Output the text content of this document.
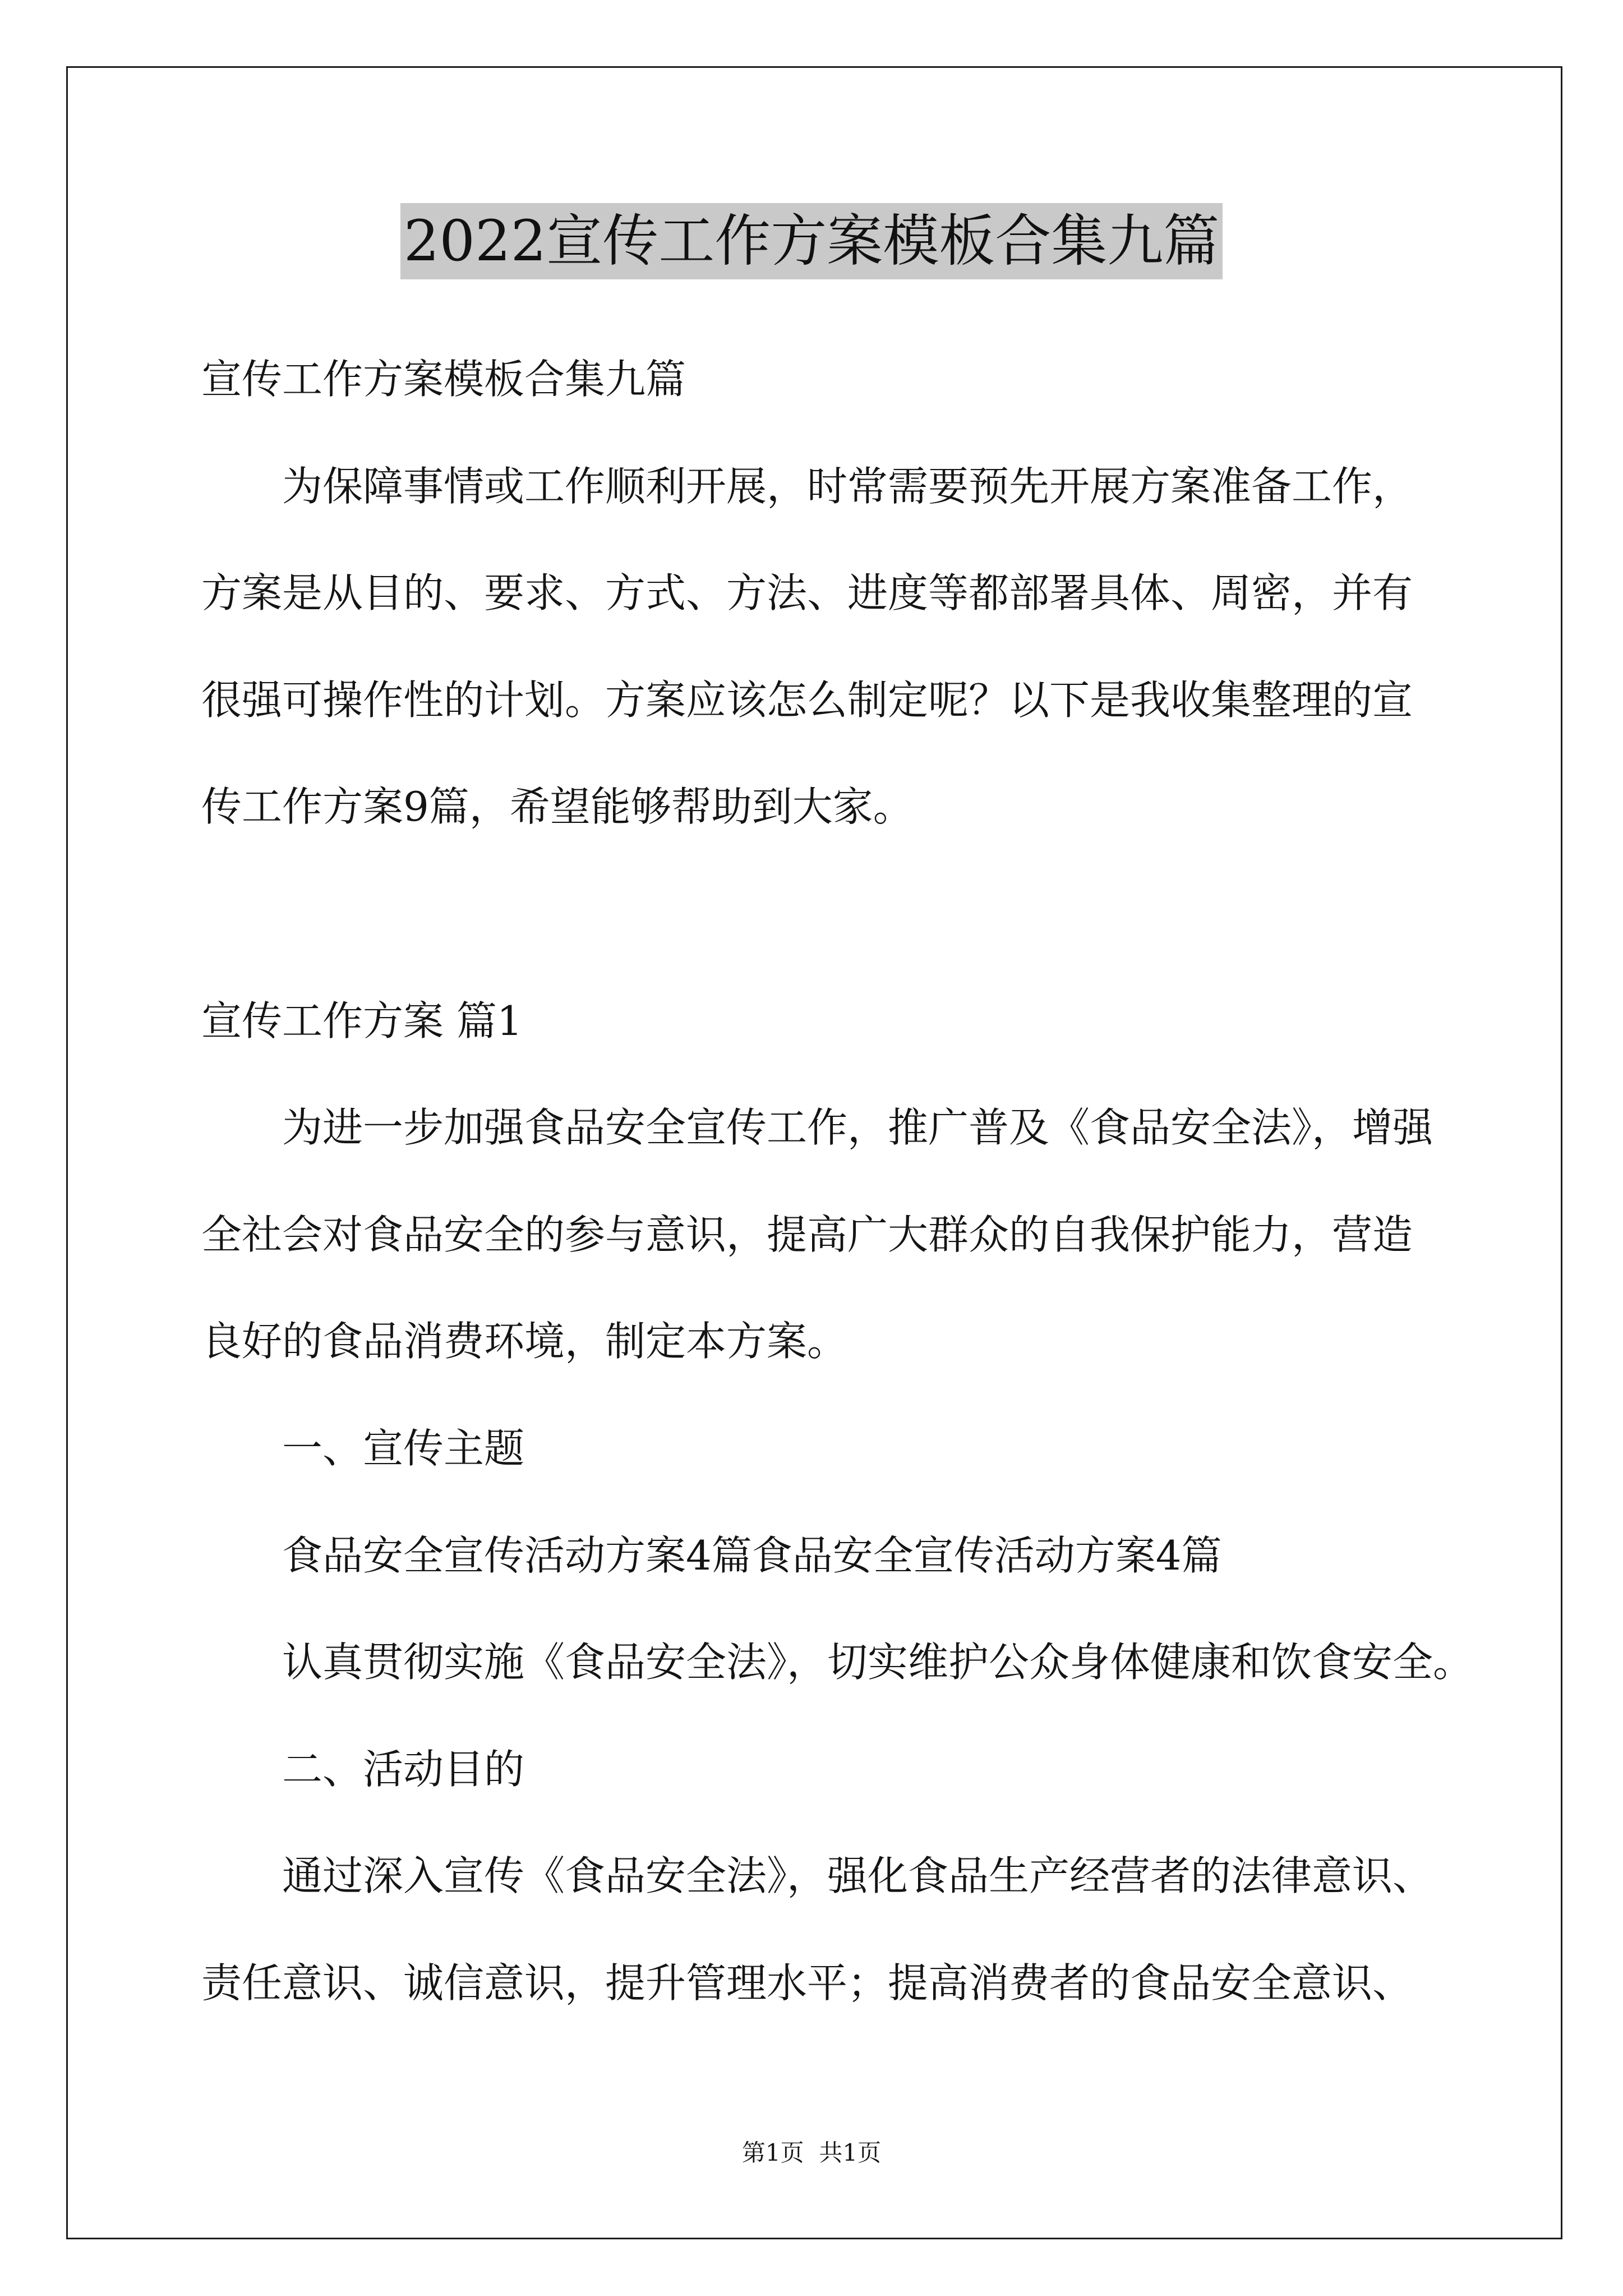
2022宣传工作方案模板合集九篇
宣传工作方案模板合集九篇
为保障事情或工作顺利开展，时常需要预先开展方案准备工作，
方案是从目的、要求、方式、方法、进度等都部署具体、周密，并有
很强可操作性的计划。方案应该怎么制定呢？以下是我收集整理的宣
传工作方案9篇，希望能够帮助到大家。
宣传工作方案 篇1
为进一步加强食品安全宣传工作，推广普及《食品安全法》，增强
全社会对食品安全的参与意识，提高广大群众的自我保护能力，营造
良好的食品消费环境，制定本方案。
一、宣传主题
食品安全宣传活动方案4篇食品安全宣传活动方案4篇
认真贯彻实施《食品安全法》，切实维护公众身体健康和饮食安全。
二、活动目的
通过深入宣传《食品安全法》，强化食品生产经营者的法律意识、
责任意识、诚信意识，提升管理水平；提高消费者的食品安全意识、
第1页  共1页
